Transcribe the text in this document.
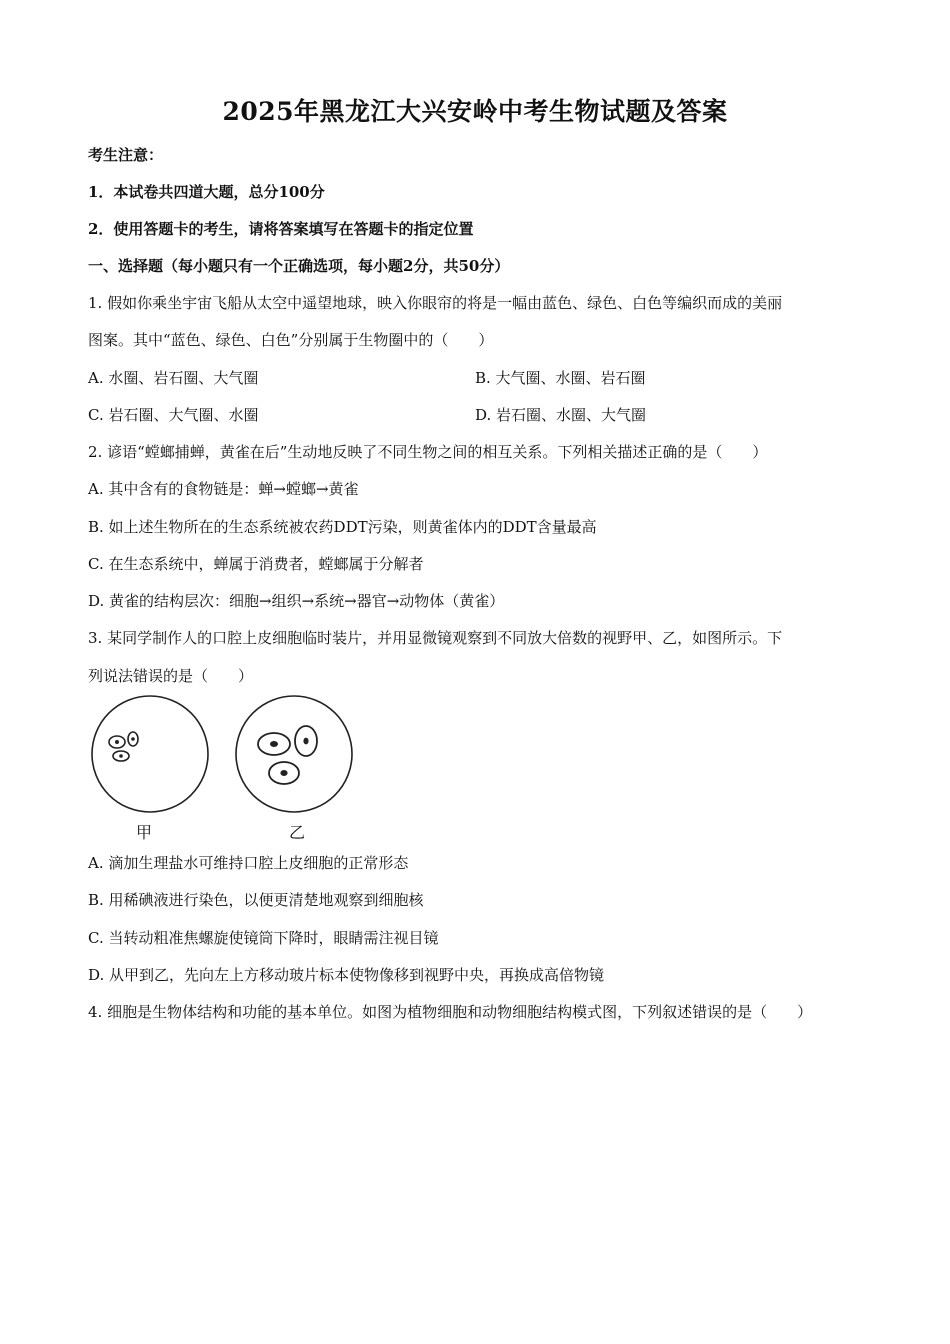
2025年黑龙江大兴安岭中考生物试题及答案
考生注意：
1．本试卷共四道大题，总分100分
2．使用答题卡的考生，请将答案填写在答题卡的指定位置
一、选择题（每小题只有一个正确选项，每小题2分，共50分）
1. 假如你乘坐宇宙飞船从太空中遥望地球，映入你眼帘的将是一幅由蓝色、绿色、白色等编织而成的美丽
图案。其中“蓝色、绿色、白色”分别属于生物圈中的（　　）
A. 水圈、岩石圈、大气圈	B. 大气圈、水圈、岩石圈
C. 岩石圈、大气圈、水圈	D. 岩石圈、水圈、大气圈
2. 谚语“螳螂捕蝉，黄雀在后”生动地反映了不同生物之间的相互关系。下列相关描述正确的是（　　）
A. 其中含有的食物链是：蝉→螳螂→黄雀
B. 如上述生物所在的生态系统被农药DDT污染，则黄雀体内的DDT含量最高
C. 在生态系统中，蝉属于消费者，螳螂属于分解者
D. 黄雀的结构层次：细胞→组织→系统→器官→动物体（黄雀）
3. 某同学制作人的口腔上皮细胞临时装片，并用显微镜观察到不同放大倍数的视野甲、乙，如图所示。下
列说法错误的是（　　）
甲	乙
A. 滴加生理盐水可维持口腔上皮细胞的正常形态
B. 用稀碘液进行染色，以便更清楚地观察到细胞核
C. 当转动粗准焦螺旋使镜筒下降时，眼睛需注视目镜
D. 从甲到乙，先向左上方移动玻片标本使物像移到视野中央，再换成高倍物镜
4. 细胞是生物体结构和功能的基本单位。如图为植物细胞和动物细胞结构模式图，下列叙述错误的是（　　）
